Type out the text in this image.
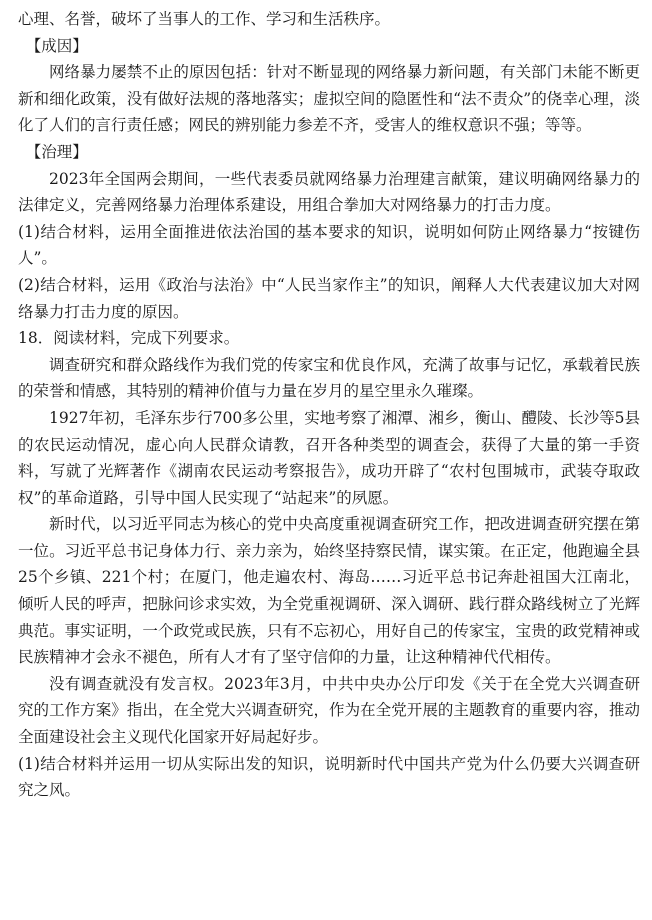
心理、名誉，破坏了当事人的工作、学习和生活秩序。

【成因】

网络暴力屡禁不止的原因包括：针对不断显现的网络暴力新问题，有关部门未能不断更新和细化政策，没有做好法规的落地落实；虚拟空间的隐匿性和“法不责众”的侥幸心理，淡化了人们的言行责任感；网民的辨别能力参差不齐，受害人的维权意识不强；等等。

【治理】

2023年全国两会期间，一些代表委员就网络暴力治理建言献策，建议明确网络暴力的法律定义，完善网络暴力治理体系建设，用组合拳加大对网络暴力的打击力度。

(1)结合材料，运用全面推进依法治国的基本要求的知识，说明如何防止网络暴力“按键伤人”。

(2)结合材料，运用《政治与法治》中“人民当家作主”的知识，阐释人大代表建议加大对网络暴力打击力度的原因。

18．阅读材料，完成下列要求。

调查研究和群众路线作为我们党的传家宝和优良作风，充满了故事与记忆，承载着民族的荣誉和情感，其特别的精神价值与力量在岁月的星空里永久璀璨。

1927年初，毛泽东步行700多公里，实地考察了湘潭、湘乡，衡山、醴陵、长沙等5县的农民运动情况，虚心向人民群众请教，召开各种类型的调查会，获得了大量的第一手资料，写就了光辉著作《湖南农民运动考察报告》，成功开辟了“农村包围城市，武装夺取政权”的革命道路，引导中国人民实现了“站起来”的夙愿。

新时代，以习近平同志为核心的党中央高度重视调查研究工作，把改进调查研究摆在第一位。习近平总书记身体力行、亲力亲为，始终坚持察民情，谋实策。在正定，他跑遍全县25个乡镇、221个村；在厦门，他走遍农村、海岛……习近平总书记奔赴祖国大江南北，倾听人民的呼声，把脉问诊求实效，为全党重视调研、深入调研、践行群众路线树立了光辉典范。事实证明，一个政党或民族，只有不忘初心，用好自己的传家宝，宝贵的政党精神或民族精神才会永不褪色，所有人才有了坚守信仰的力量，让这种精神代代相传。

没有调查就没有发言权。2023年3月，中共中央办公厅印发《关于在全党大兴调查研究的工作方案》指出，在全党大兴调查研究，作为在全党开展的主题教育的重要内容，推动全面建设社会主义现代化国家开好局起好步。

(1)结合材料并运用一切从实际出发的知识，说明新时代中国共产党为什么仍要大兴调查研究之风。
